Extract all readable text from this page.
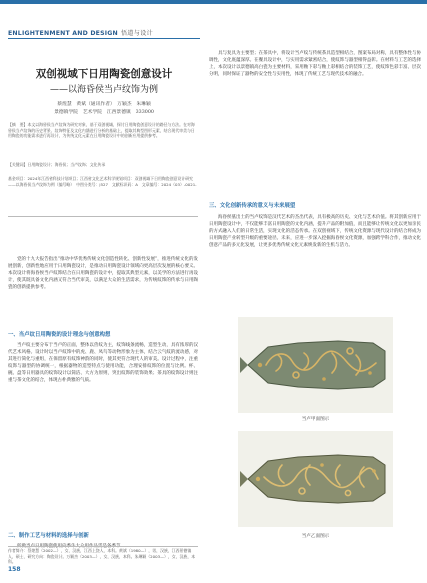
ENLIGHTENMENT AND DESIGN 悟道与设计
双创视域下日用陶瓷创意设计
——以海昏侯当卢纹饰为例
蔡煌慧　黄斌（通讯作者）　万颖杰　朱琳颖
景德镇学院　艺术学院　江西景德镇　333000
【摘　要】本文以海昏侯当卢纹饰为研究对象，基于双创视域，探讨日用陶瓷创意设计的路径与方法。在对海昏侯当卢纹饰的历史背景、纹饰特征及文化内涵进行分析的基础上，提取其典型图形元素，结合现代审美与日用陶瓷的功能需求进行再设计，为传统文化元素在日用陶瓷设计中的创新应用提供参考。
【关键词】日用陶瓷设计；海昏侯；当卢纹饰；文化传承
基金项目：2024年江西省科技计划项目；江西省文化艺术科学规划项目：双创视域下日用陶瓷创意设计研究——以海昏侯当卢纹饰为例（编号略）　中图分类号：J527　文献标识码：A　文章编号：2024（03）-0021-

党的十九大报告指出“推动中华优秀传统文化创造性转化、创新性发展”，推进传统文化的发展创新，创新性地应用于日用陶瓷设计，是推动日用陶瓷设计领域向更高层次发展的核心要义。本次设计将海昏侯当卢纹饰结合在日用陶瓷的设计中，提取其典型元素，以美学的方法进行再设计，使其既具备文化内涵又符合当代审美，以满足大众的生活需求，为传统纹饰的传承与日用陶瓷的创新提供参考。

一、当卢纹日用陶瓷的设计理念与创意构想

当卢纹主要分布于当卢的正面，整体以兽纹为主，纹饰线条流畅，造型生动，具有浓厚的汉代艺术风格。设计时以当卢纹饰中的虎、鹿、凤鸟等动物形象为主体，结合云气纹的流动感，对其进行简化与重组，在保留原有纹饰神韵的同时，使其更符合现代人的审美。设计过程中，注重纹饰与器型的协调统一，根据器物的造型特点与使用功能，合理安排纹饰的位置与比例。杯、碗、盘等日用器具的纹饰设计以简洁、大方为原则，突出纹饰的装饰效果；茶具的纹饰设计则注重与茶文化的结合，体现古朴典雅的气质。

二、制作工艺与材料的选择与创新

所做当卢日用陶瓷使用向季牛大众用作品需是各季节

作者简介：蔡煌慧（2002—），女，汉族，江西上饶人，本科。黄斌（1980—），男，汉族，江西景德镇人，硕士，研究方向：陶瓷设计。万颖杰（2003—），女，汉族，本科。朱琳颖（2003—），女，汉族，本科。
158

具与复具为主要型；在茶具中，将设计当卢纹与传统茶具造型相结合，图案布局对称，具有整体性与协调性，文化底蕴深厚。在餐具设计中，与实用需求紧密结合，使纹饰与器型相得益彰。在材料与工艺的选择上，本次设计以景德镇高白瓷为主要材料，采用釉下彩与釉上彩相结合的装饰工艺，使纹饰色彩丰富、层次分明，同时保证了器物的安全性与实用性，体现了传统工艺与现代技术的融合。

三、文化创新传承的意义与未来展望

海昏侯墓出土的当卢纹饰是汉代艺术的杰出代表，具有极高的历史、文化与艺术价值。将其创新应用于日用陶瓷设计中，不仅能够丰富日用陶瓷的文化内涵，提升产品的附加值，而且能够让传统文化以更加亲民的方式融入人们的日常生活，实现文化的活态传承。在双创视域下，传统文化资源与现代设计的结合将成为日用陶瓷产业转型升级的重要途径。未来，应进一步深入挖掘海昏侯文化资源，加强跨学科合作，推动文化创意产品的多元化发展，让更多优秀传统文化元素焕发新的生机与活力。

当卢甲面图示
当卢乙面图示
